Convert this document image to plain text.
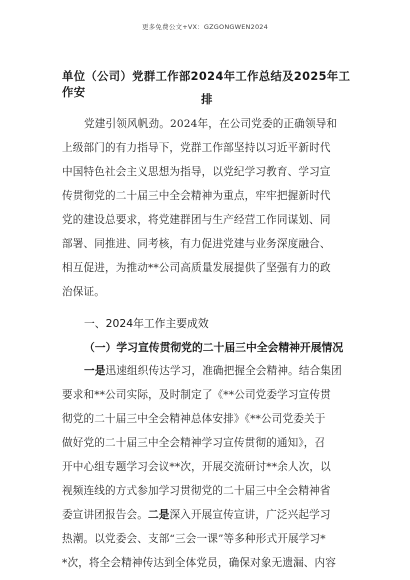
更多免费公文+VX：GZGONGWEN2024
单位（公司）党群工作部2024年工作总结及2025年工作安
排
党建引领风帆劲。2024年，在公司党委的正确领导和
上级部门的有力指导下，党群工作部坚持以习近平新时代
中国特色社会主义思想为指导，以党纪学习教育、学习宣
传贯彻党的二十届三中全会精神为重点，牢牢把握新时代
党的建设总要求，将党建群团与生产经营工作同谋划、同
部署、同推进、同考核，有力促进党建与业务深度融合、
相互促进，为推动**公司高质量发展提供了坚强有力的政
治保证。
一、2024年工作主要成效
（一）学习宣传贯彻党的二十届三中全会精神开展情况
一是迅速组织传达学习，准确把握全会精神。结合集团
要求和**公司实际，及时制定了《**公司党委学习宣传贯
彻党的二十届三中全会精神总体安排》《**公司党委关于
做好党的二十届三中全会精神学习宣传贯彻的通知》，召
开中心组专题学习会议**次，开展交流研讨**余人次，以
视频连线的方式参加学习贯彻党的二十届三中全会精神省
委宣讲团报告会。二是深入开展宣传宣讲，广泛兴起学习
热潮。以党委会、支部“三会一课”等多种形式开展学习*
*次，将全会精神传达到全体党员，确保对象无遗漏、内容
